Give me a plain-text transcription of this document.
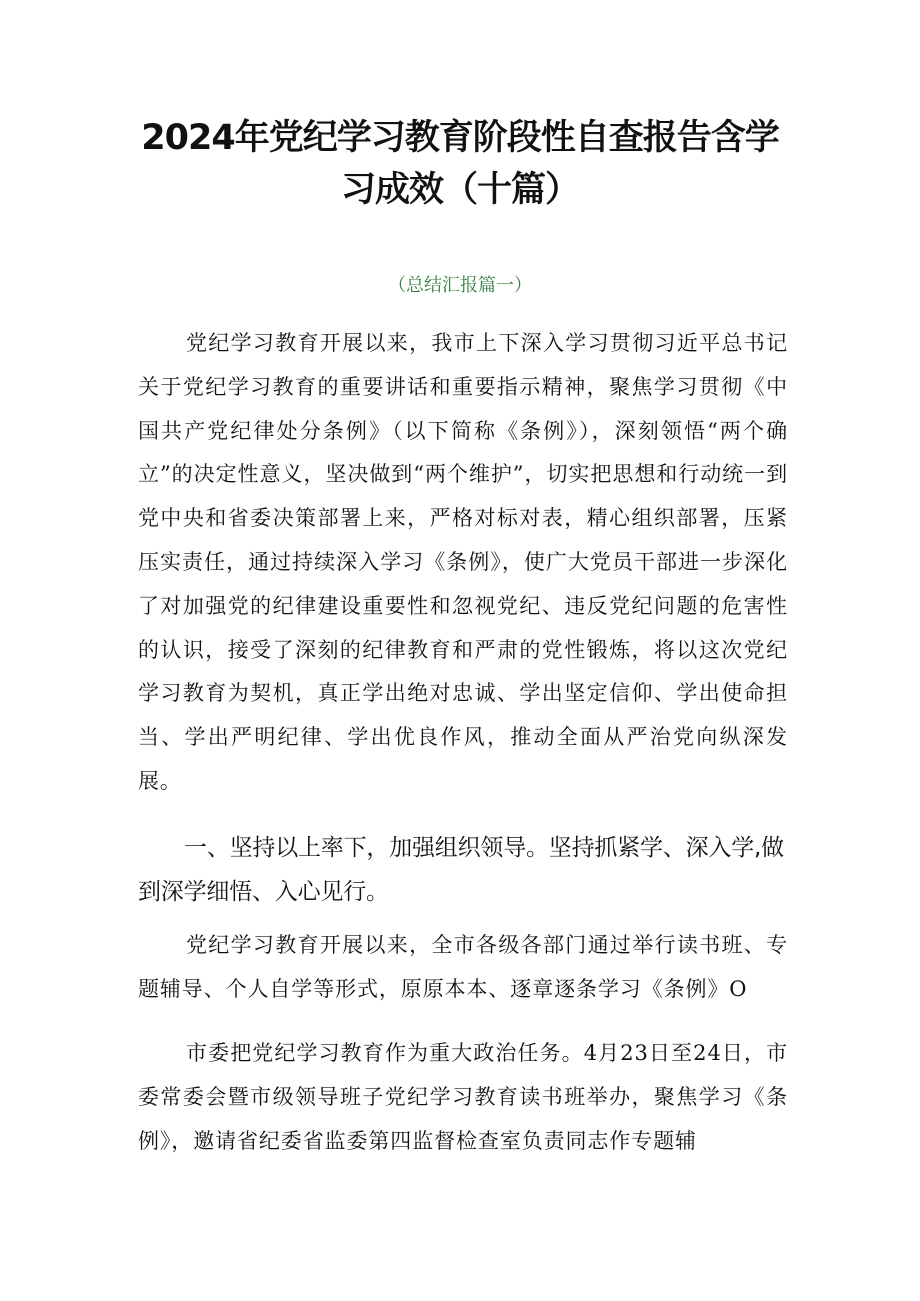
2024年党纪学习教育阶段性自查报告含学习成效（十篇）
（总结汇报篇一）

党纪学习教育开展以来，我市上下深入学习贯彻习近平总书记关于党纪学习教育的重要讲话和重要指示精神，聚焦学习贯彻《中国共产党纪律处分条例》（以下简称《条例》），深刻领悟“两个确立”的决定性意义，坚决做到“两个维护”，切实把思想和行动统一到党中央和省委决策部署上来，严格对标对表，精心组织部署，压紧压实责任，通过持续深入学习《条例》，使广大党员干部进一步深化了对加强党的纪律建设重要性和忽视党纪、违反党纪问题的危害性的认识，接受了深刻的纪律教育和严肃的党性锻炼，将以这次党纪学习教育为契机，真正学出绝对忠诚、学出坚定信仰、学出使命担当、学出严明纪律、学出优良作风，推动全面从严治党向纵深发展。

一、坚持以上率下，加强组织领导。坚持抓紧学、深入学,做到深学细悟、入心见行。

党纪学习教育开展以来，全市各级各部门通过举行读书班、专题辅导、个人自学等形式，原原本本、逐章逐条学习《条例》O

市委把党纪学习教育作为重大政治任务。4月23日至24日，市委常委会暨市级领导班子党纪学习教育读书班举办，聚焦学习《条例》，邀请省纪委省监委第四监督检查室负责同志作专题辅
